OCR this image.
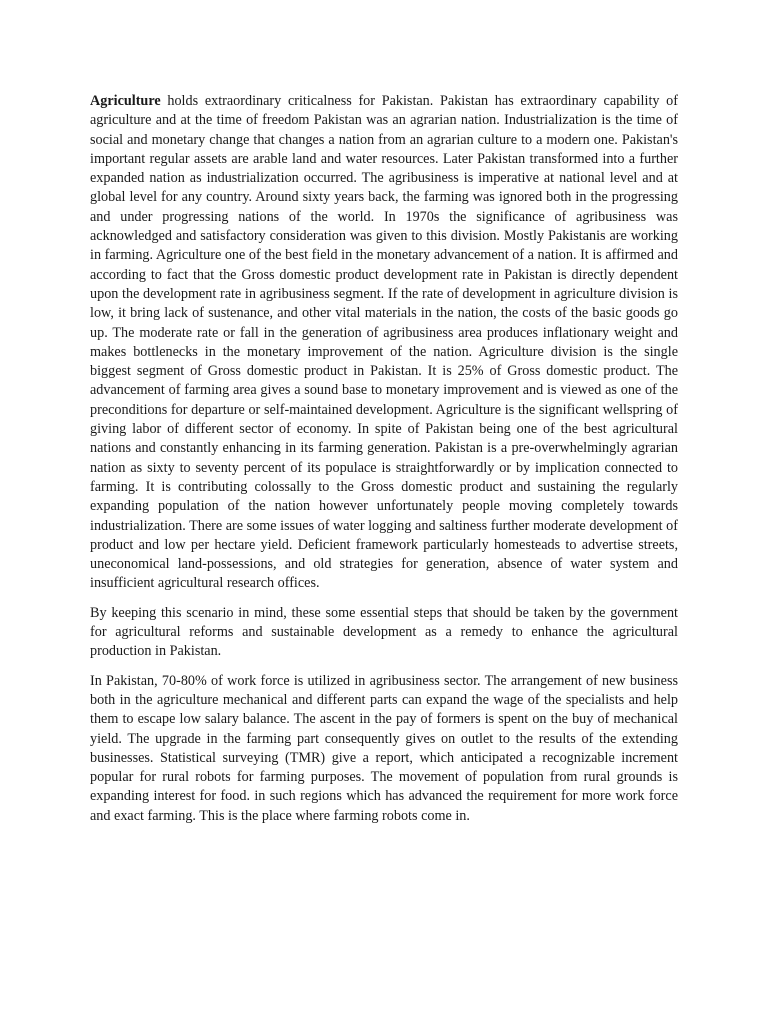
Agriculture holds extraordinary criticalness for Pakistan. Pakistan has extraordinary capability of agriculture and at the time of freedom Pakistan was an agrarian nation. Industrialization is the time of social and monetary change that changes a nation from an agrarian culture to a modern one. Pakistan's important regular assets are arable land and water resources. Later Pakistan transformed into a further expanded nation as industrialization occurred. The agribusiness is imperative at national level and at global level for any country. Around sixty years back, the farming was ignored both in the progressing and under progressing nations of the world. In 1970s the significance of agribusiness was acknowledged and satisfactory consideration was given to this division. Mostly Pakistanis are working in farming. Agriculture one of the best field in the monetary advancement of a nation. It is affirmed and according to fact that the Gross domestic product development rate in Pakistan is directly dependent upon the development rate in agribusiness segment. If the rate of development in agriculture division is low, it bring lack of sustenance, and other vital materials in the nation, the costs of the basic goods go up. The moderate rate or fall in the generation of agribusiness area produces inflationary weight and makes bottlenecks in the monetary improvement of the nation. Agriculture division is the single biggest segment of Gross domestic product in Pakistan. It is 25% of Gross domestic product. The advancement of farming area gives a sound base to monetary improvement and is viewed as one of the preconditions for departure or self-maintained development. Agriculture is the significant wellspring of giving labor of different sector of economy. In spite of Pakistan being one of the best agricultural nations and constantly enhancing in its farming generation. Pakistan is a pre-overwhelmingly agrarian nation as sixty to seventy percent of its populace is straightforwardly or by implication connected to farming. It is contributing colossally to the Gross domestic product and sustaining the regularly expanding population of the nation however unfortunately people moving completely towards industrialization. There are some issues of water logging and saltiness further moderate development of product and low per hectare yield. Deficient framework particularly homesteads to advertise streets, uneconomical land-possessions, and old strategies for generation, absence of water system and insufficient agricultural research offices.

By keeping this scenario in mind, these some essential steps that should be taken by the government for agricultural reforms and sustainable development as a remedy to enhance the agricultural production in Pakistan.

In Pakistan, 70-80% of work force is utilized in agribusiness sector. The arrangement of new business both in the agriculture mechanical and different parts can expand the wage of the specialists and help them to escape low salary balance. The ascent in the pay of formers is spent on the buy of mechanical yield. The upgrade in the farming part consequently gives on outlet to the results of the extending businesses. Statistical surveying (TMR) give a report, which anticipated a recognizable increment popular for rural robots for farming purposes. The movement of population from rural grounds is expanding interest for food. in such regions which has advanced the requirement for more work force and exact farming. This is the place where farming robots come in.
